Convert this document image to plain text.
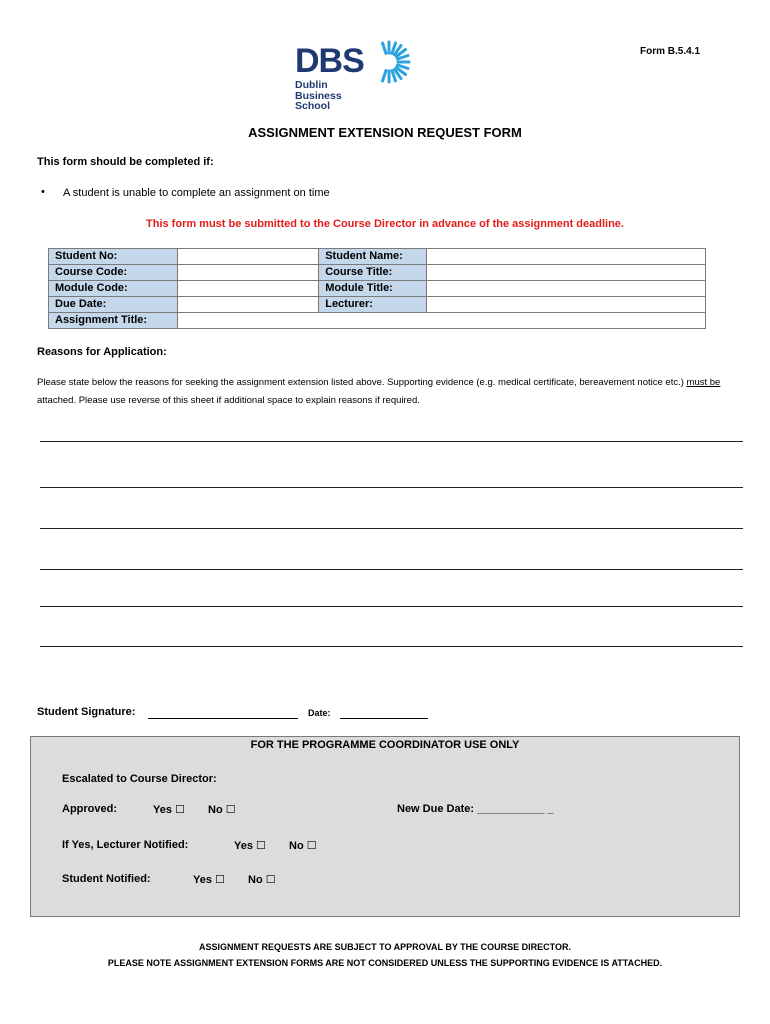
DBS
Dublin
Business
School
Form B.5.4.1
ASSIGNMENT EXTENSION REQUEST FORM
This form should be completed if:
• A student is unable to complete an assignment on time
This form must be submitted to the Course Director in advance of the assignment deadline.
Student No:		Student Name:	
Course Code:		Course Title:	
Module Code:		Module Title:	
Due Date:		Lecturer:	
Assignment Title:			
Reasons for Application:
Please state below the reasons for seeking the assignment extension listed above. Supporting evidence (e.g. medical certificate, bereavement notice etc.) must be attached. Please use reverse of this sheet if additional space to explain reasons if required.
Student Signature:	Date:
FOR THE PROGRAMME COORDINATOR USE ONLY
Escalated to Course Director:
Approved:	Yes ☐ No ☐	New Due Date: ___________ _
If Yes, Lecturer Notified:	Yes ☐ No ☐
Student Notified:	Yes ☐ No ☐
ASSIGNMENT REQUESTS ARE SUBJECT TO APPROVAL BY THE COURSE DIRECTOR.
PLEASE NOTE ASSIGNMENT EXTENSION FORMS ARE NOT CONSIDERED UNLESS THE SUPPORTING EVIDENCE IS ATTACHED.
